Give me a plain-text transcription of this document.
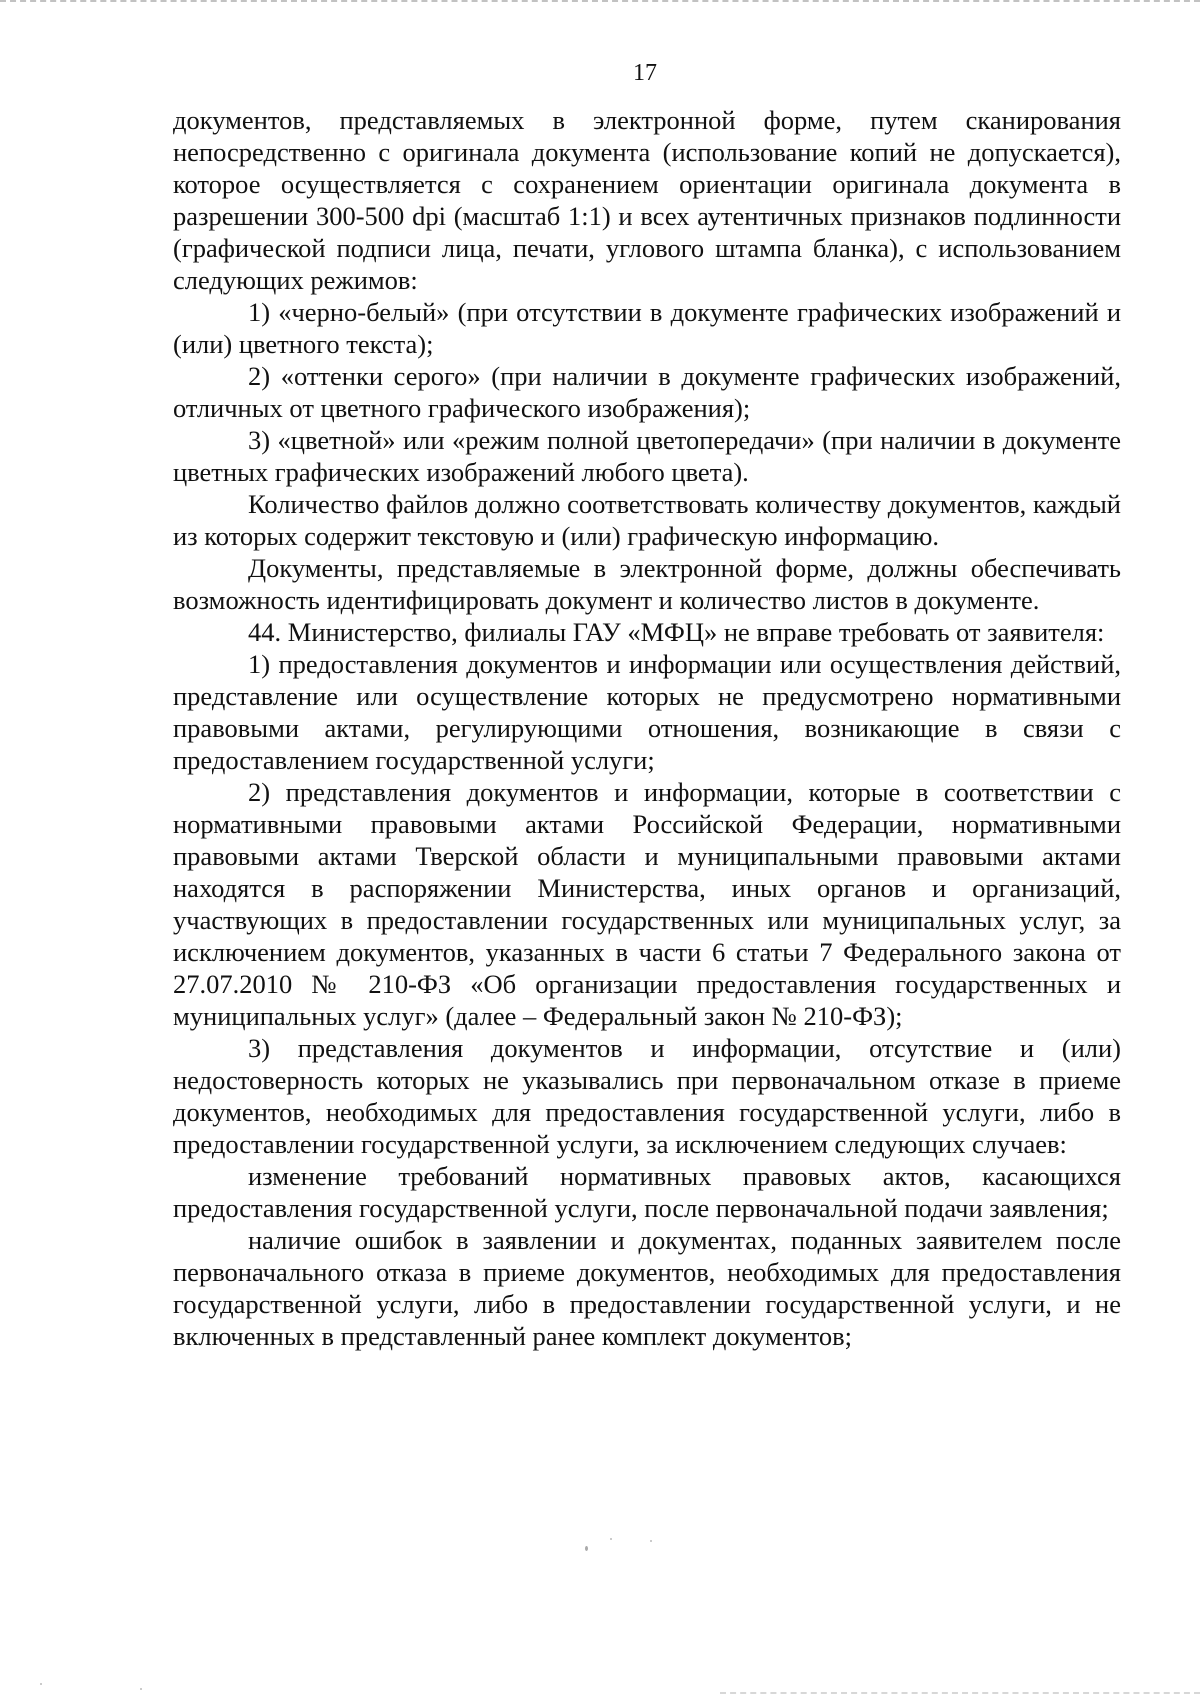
17

документов, представляемых в электронной форме, путем сканирования непосредственно с оригинала документа (использование копий не допускается), которое осуществляется с сохранением ориентации оригинала документа в разрешении 300-500 dpi (масштаб 1:1) и всех аутентичных признаков подлинности (графической подписи лица, печати, углового штампа бланка), с использованием следующих режимов:

1) «черно-белый» (при отсутствии в документе графических изображений и (или) цветного текста);

2) «оттенки серого» (при наличии в документе графических изображений, отличных от цветного графического изображения);

3) «цветной» или «режим полной цветопередачи» (при наличии в документе цветных графических изображений любого цвета).

Количество файлов должно соответствовать количеству документов, каждый из которых содержит текстовую и (или) графическую информацию.

Документы, представляемые в электронной форме, должны обеспечивать возможность идентифицировать документ и количество листов в документе.

44. Министерство, филиалы ГАУ «МФЦ» не вправе требовать от заявителя:

1) предоставления документов и информации или осуществления действий, представление или осуществление которых не предусмотрено нормативными правовыми актами, регулирующими отношения, возникающие в связи с предоставлением государственной услуги;

2) представления документов и информации, которые в соответствии с нормативными правовыми актами Российской Федерации, нормативными правовыми актами Тверской области и муниципальными правовыми актами находятся в распоряжении Министерства, иных органов и организаций, участвующих в предоставлении государственных или муниципальных услуг, за исключением документов, указанных в части 6 статьи 7 Федерального закона от 27.07.2010 № 210-ФЗ «Об организации предоставления государственных и муниципальных услуг» (далее – Федеральный закон № 210-ФЗ);

3) представления документов и информации, отсутствие и (или) недостоверность которых не указывались при первоначальном отказе в приеме документов, необходимых для предоставления государственной услуги, либо в предоставлении государственной услуги, за исключением следующих случаев:

изменение требований нормативных правовых актов, касающихся предоставления государственной услуги, после первоначальной подачи заявления;

наличие ошибок в заявлении и документах, поданных заявителем после первоначального отказа в приеме документов, необходимых для предоставления государственной услуги, либо в предоставлении государственной услуги, и не включенных в представленный ранее комплект документов;
